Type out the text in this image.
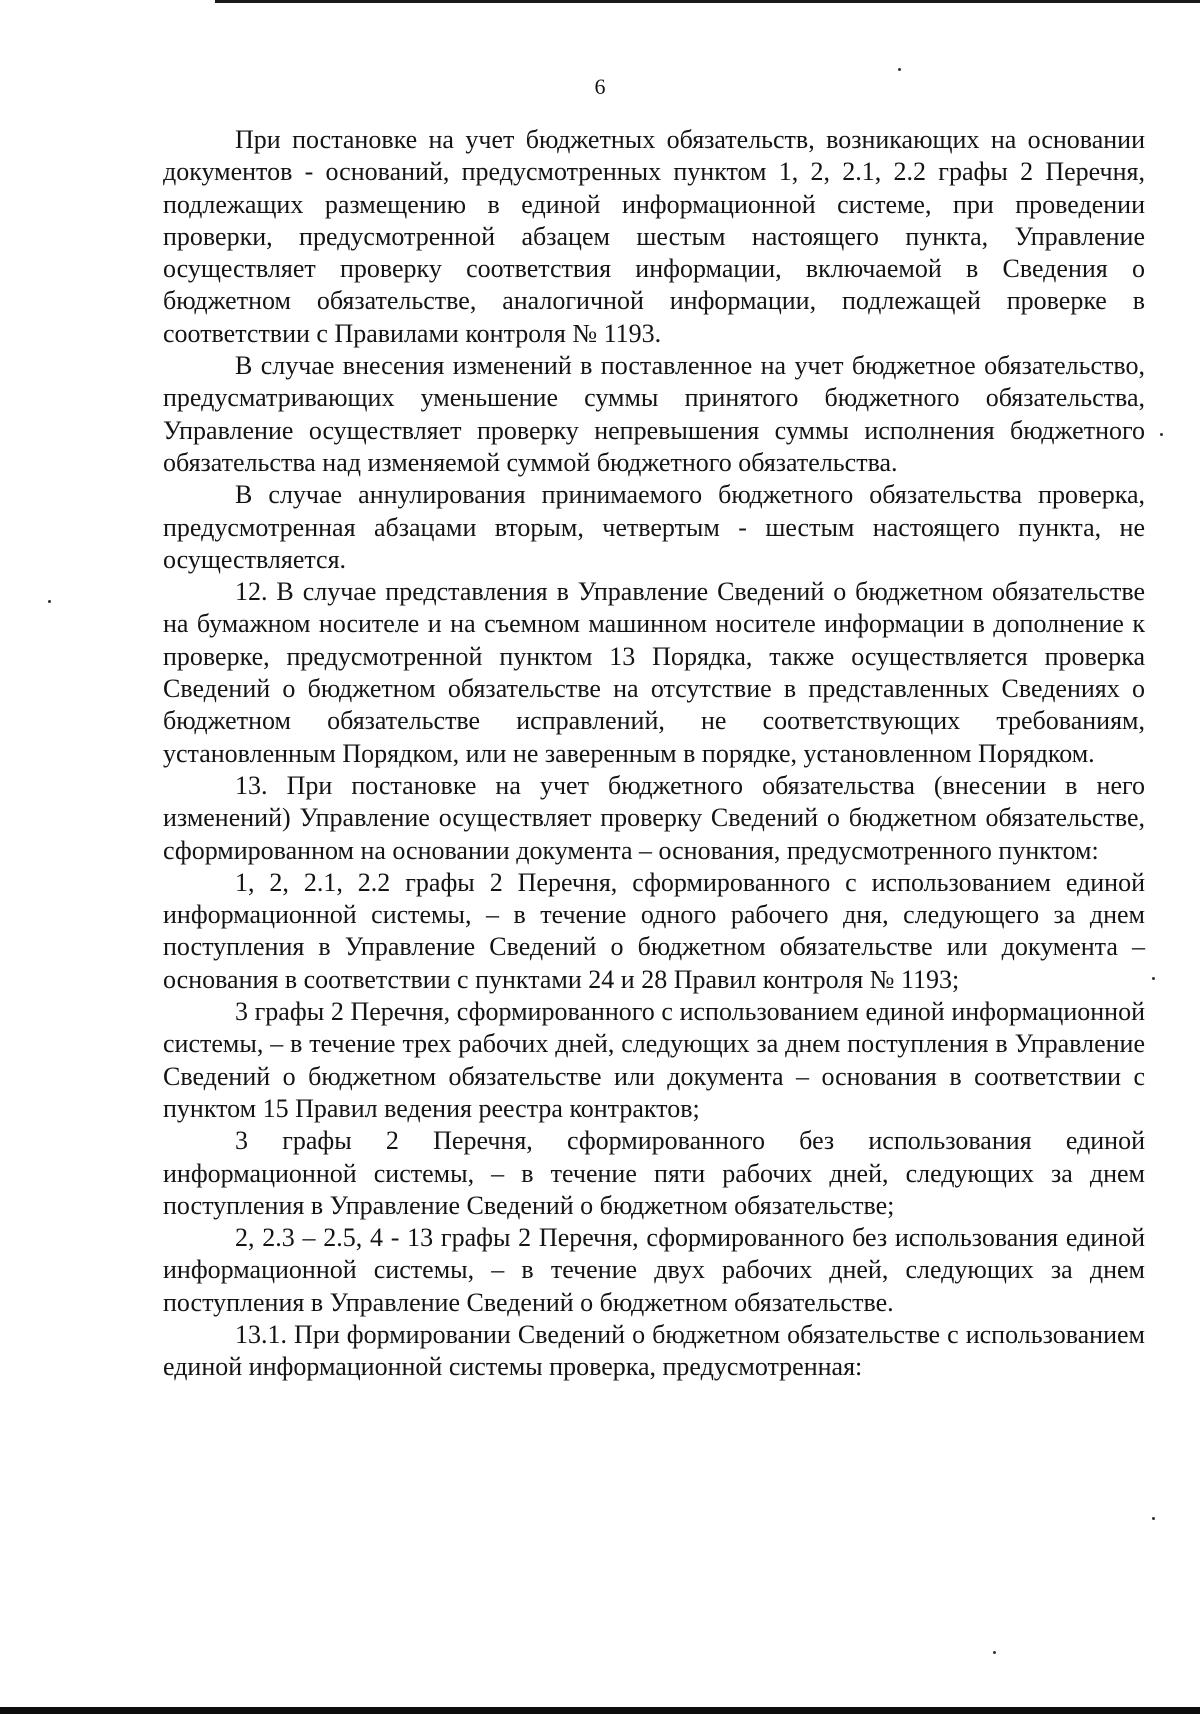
6

При постановке на учет бюджетных обязательств, возникающих на основании документов - оснований, предусмотренных пунктом 1, 2, 2.1, 2.2 графы 2 Перечня, подлежащих размещению в единой информационной системе, при проведении проверки, предусмотренной абзацем шестым настоящего пункта, Управление осуществляет проверку соответствия информации, включаемой в Сведения о бюджетном обязательстве, аналогичной информации, подлежащей проверке в соответствии с Правилами контроля № 1193.

В случае внесения изменений в поставленное на учет бюджетное обязательство, предусматривающих уменьшение суммы принятого бюджетного обязательства, Управление осуществляет проверку непревышения суммы исполнения бюджетного обязательства над изменяемой суммой бюджетного обязательства.

В случае аннулирования принимаемого бюджетного обязательства проверка, предусмотренная абзацами вторым, четвертым - шестым настоящего пункта, не осуществляется.

12. В случае представления в Управление Сведений о бюджетном обязательстве на бумажном носителе и на съемном машинном носителе информации в дополнение к проверке, предусмотренной пунктом 13 Порядка, также осуществляется проверка Сведений о бюджетном обязательстве на отсутствие в представленных Сведениях о бюджетном обязательстве исправлений, не соответствующих требованиям, установленным Порядком, или не заверенным в порядке, установленном Порядком.

13. При постановке на учет бюджетного обязательства (внесении в него изменений) Управление осуществляет проверку Сведений о бюджетном обязательстве, сформированном на основании документа – основания, предусмотренного пунктом:

1, 2, 2.1, 2.2 графы 2 Перечня, сформированного с использованием единой информационной системы, – в течение одного рабочего дня, следующего за днем поступления в Управление Сведений о бюджетном обязательстве или документа – основания в соответствии с пунктами 24 и 28 Правил контроля № 1193;

3 графы 2 Перечня, сформированного с использованием единой информационной системы, – в течение трех рабочих дней, следующих за днем поступления в Управление Сведений о бюджетном обязательстве или документа – основания в соответствии с пунктом 15 Правил ведения реестра контрактов;

3 графы 2 Перечня, сформированного без использования единой информационной системы, – в течение пяти рабочих дней, следующих за днем поступления в Управление Сведений о бюджетном обязательстве;

2, 2.3 – 2.5, 4 - 13 графы 2 Перечня, сформированного без использования единой информационной системы, – в течение двух рабочих дней, следующих за днем поступления в Управление Сведений о бюджетном обязательстве.

13.1. При формировании Сведений о бюджетном обязательстве с использованием единой информационной системы проверка, предусмотренная:
